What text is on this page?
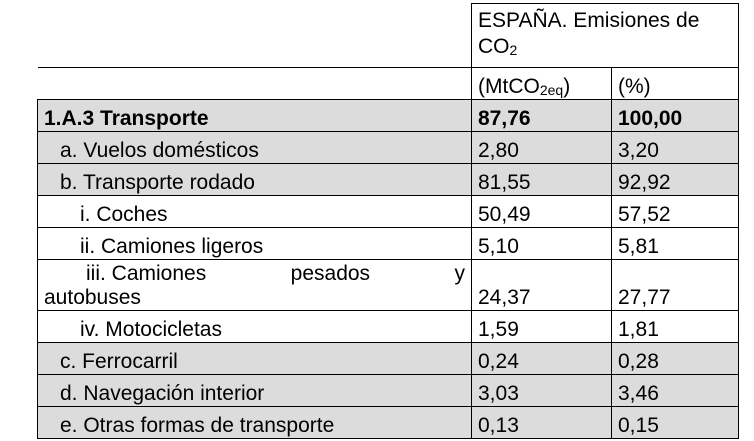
	ESPAÑA. Emisiones de
$CO_2$
	(MtCO$_{2eq}$)	(%)
1.A.3 Transporte	87,76	100,00
a. Vuelos domésticos	2,80	3,20
b. Transporte rodado	81,55	92,92
i. Coches	50,49	57,52
ii. Camiones ligeros	5,10	5,81

iii. Camiones pesados y
autobuses	24,37	27,77
iv. Motocicletas	1,59	1,81
c. Ferrocarril	0,24	0,28
d. Navegación interior	3,03	3,46
e. Otras formas de transporte	0,13	0,15
